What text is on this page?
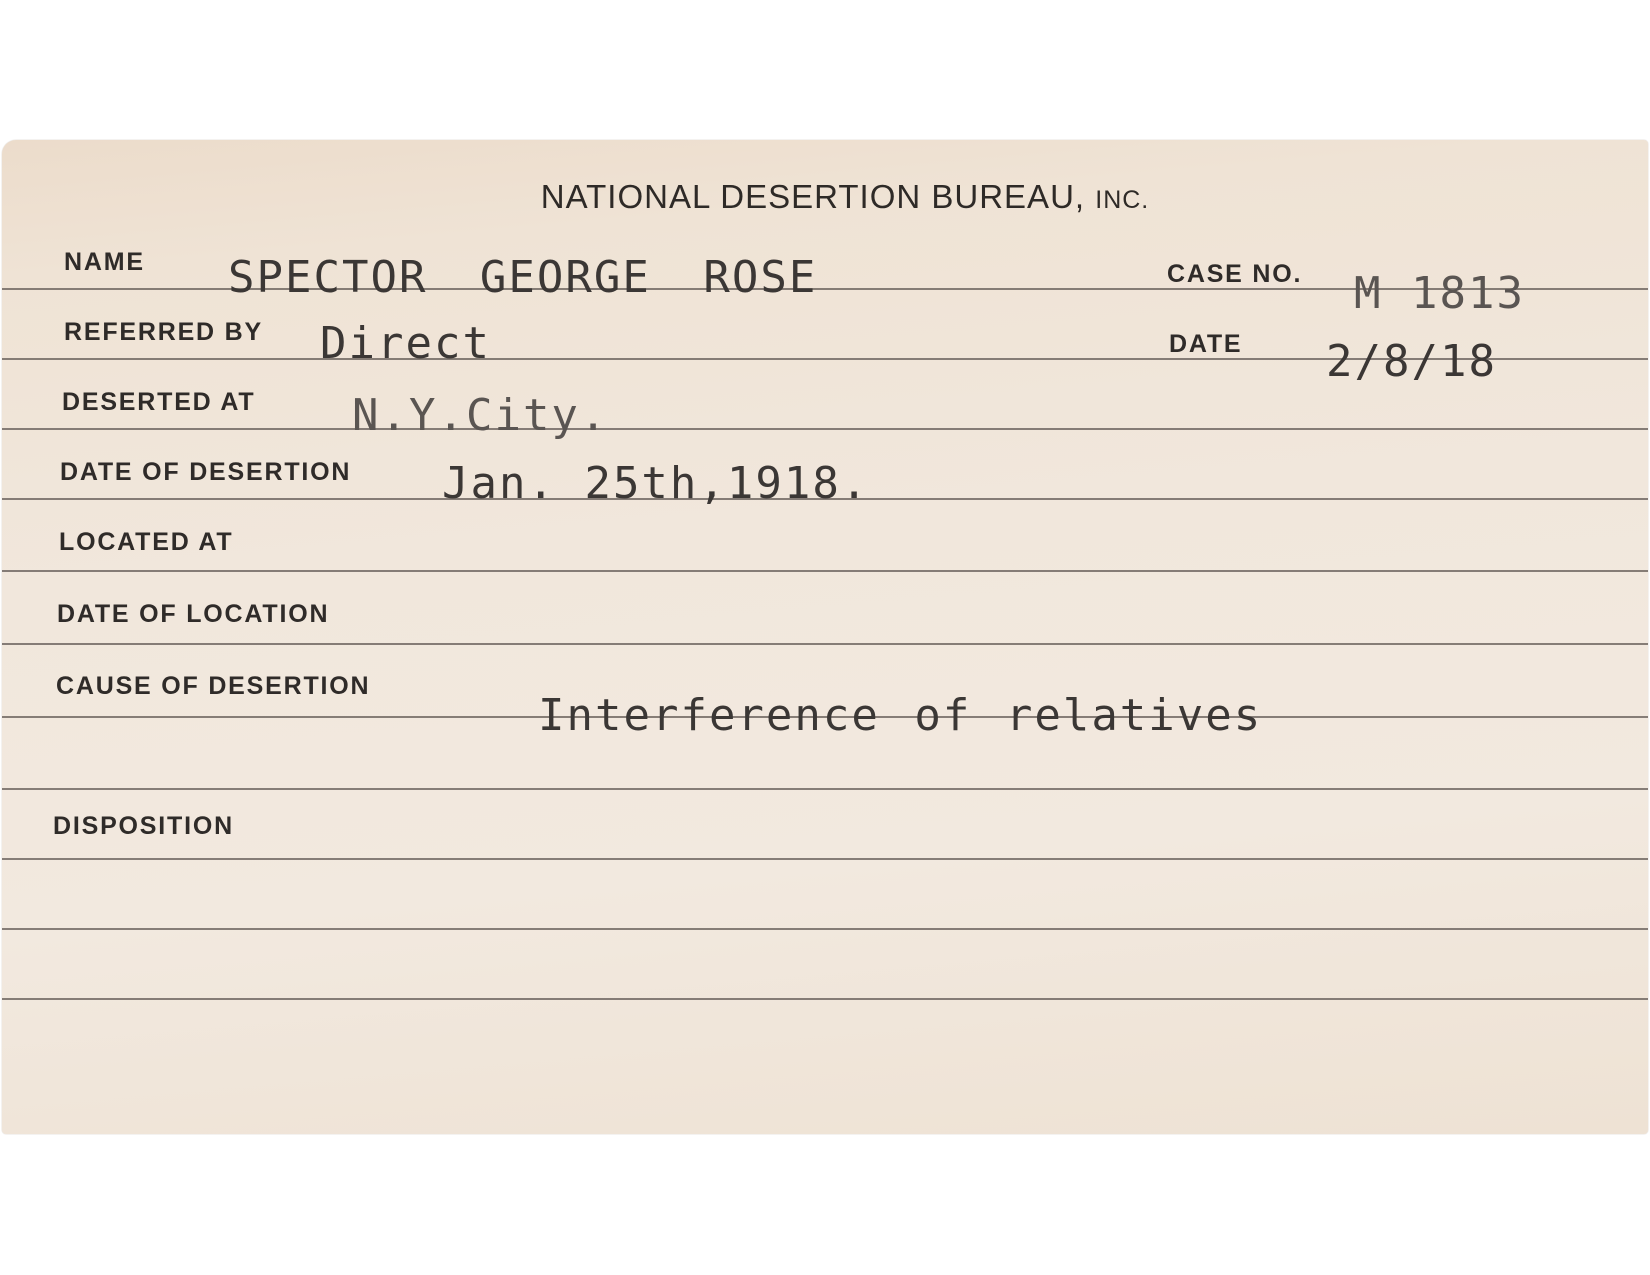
NATIONAL DESERTION BUREAU, INC.
NAME
REFERRED BY
DESERTED AT
DATE OF DESERTION
LOCATED AT
DATE OF LOCATION
CAUSE OF DESERTION
DISPOSITION
CASE NO.
DATE
SPECTOR GEORGE ROSE
Direct
N.Y.City.
Jan. 25th,1918.
M 1813
2/8/18
Interference of relatives
